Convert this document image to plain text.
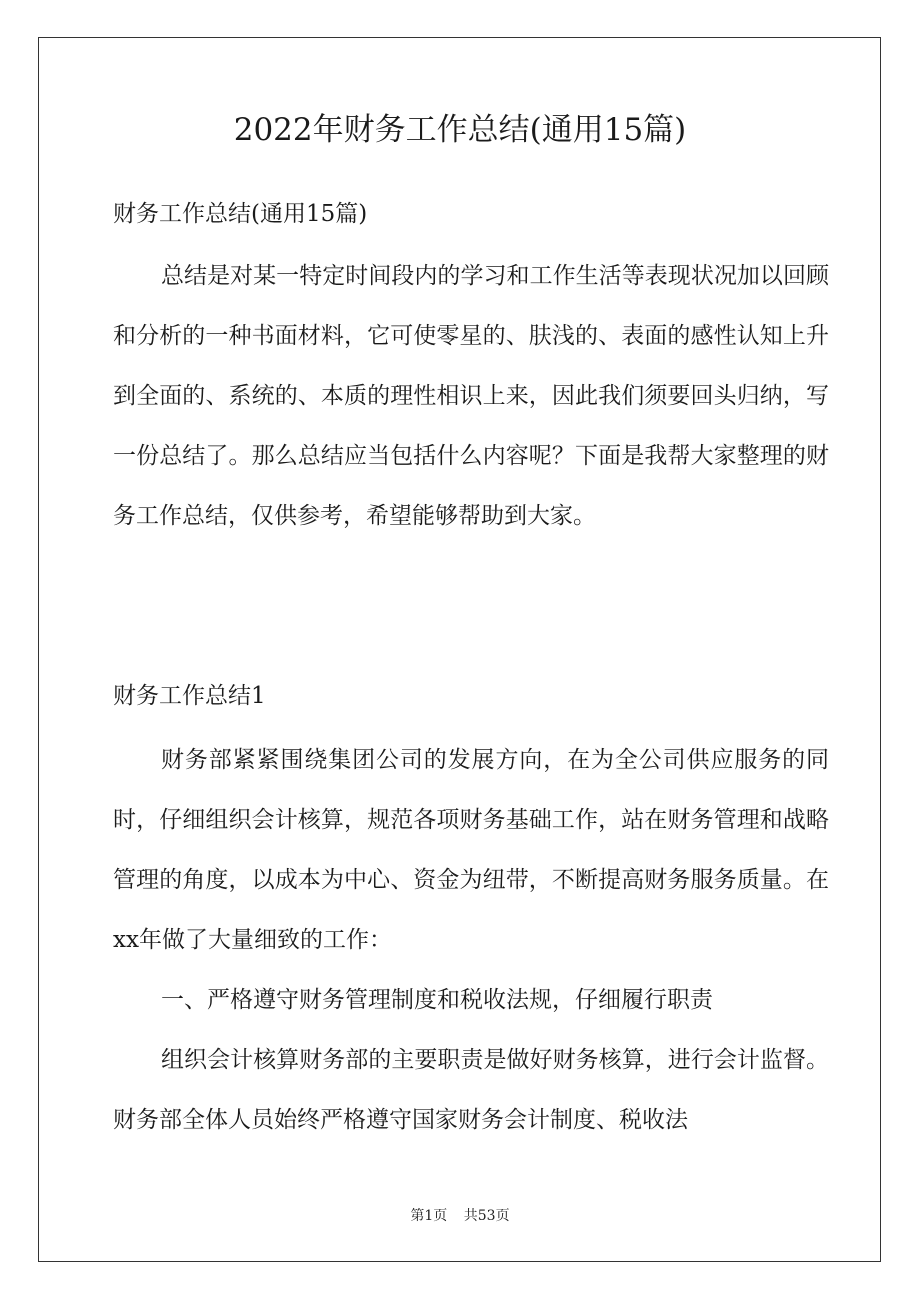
2022年财务工作总结(通用15篇)

财务工作总结(通用15篇)

总结是对某一特定时间段内的学习和工作生活等表现状况加以回顾和分析的一种书面材料，它可使零星的、肤浅的、表面的感性认知上升到全面的、系统的、本质的理性相识上来，因此我们须要回头归纳，写一份总结了。那么总结应当包括什么内容呢？下面是我帮大家整理的财务工作总结，仅供参考，希望能够帮助到大家。

财务工作总结1

财务部紧紧围绕集团公司的发展方向，在为全公司供应服务的同时，仔细组织会计核算，规范各项财务基础工作，站在财务管理和战略管理的角度，以成本为中心、资金为纽带，不断提高财务服务质量。在xx年做了大量细致的工作：

一、严格遵守财务管理制度和税收法规，仔细履行职责

组织会计核算财务部的主要职责是做好财务核算，进行会计监督。财务部全体人员始终严格遵守国家财务会计制度、税收法

第1页 共53页
